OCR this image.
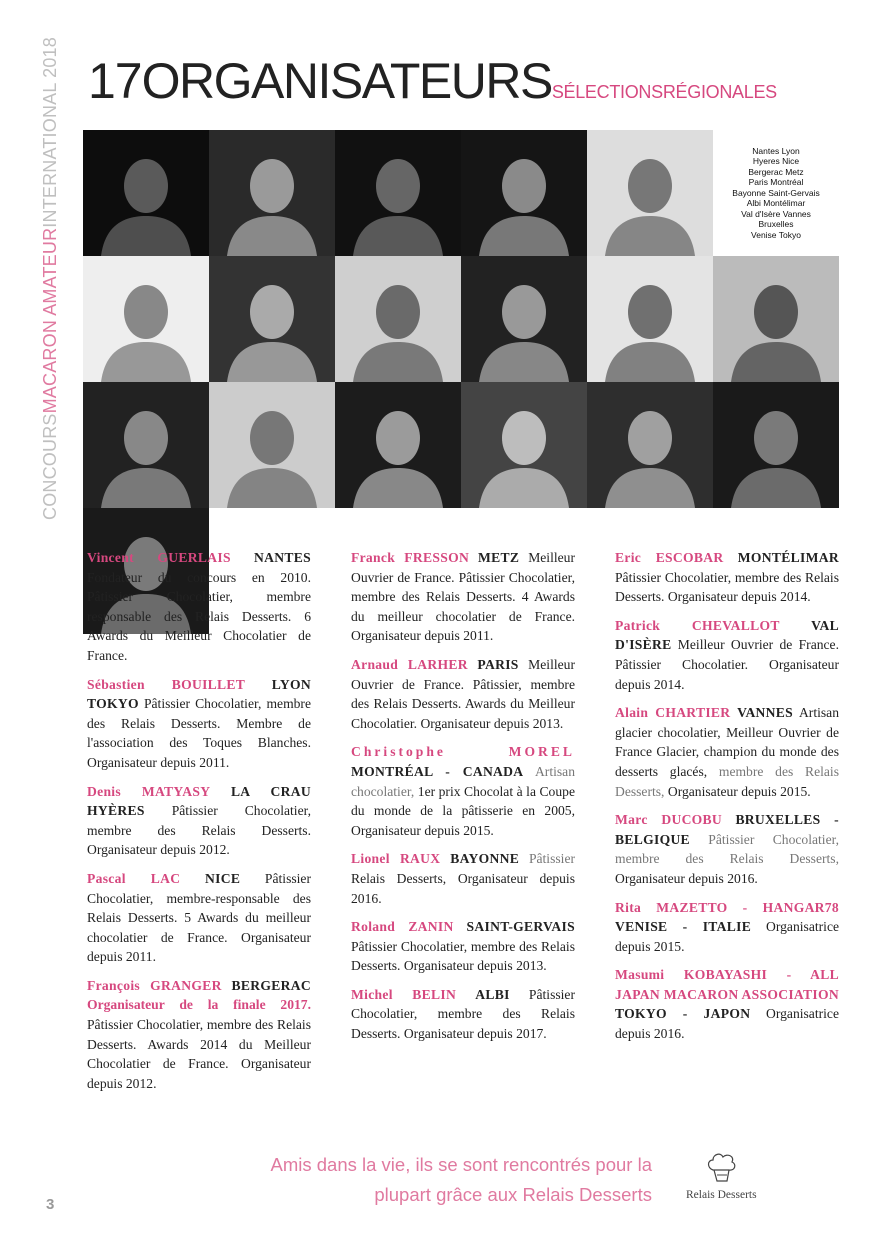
CONCOURSMACARON AMATEURINTERNATIONAL 2018 17ORGANISATEURSSÉLECTIONSRÉGIONALES
Nantes Lyon
Hyeres Nice
Bergerac Metz
Paris Montréal
Bayonne Saint-Gervais
Albi Montélimar
Val d'Isère Vannes
Bruxelles
Venise Tokyo
Vincent GUERLAIS NANTES Fondateur du concours en 2010. Pâtissier Chocolatier, membre responsable des Relais Desserts. 6 Awards du Meilleur Chocolatier de France.
Sébastien BOUILLET LYON TOKYO Pâtissier Chocolatier, membre des Relais Desserts. Membre de l'association des Toques Blanches. Organisateur depuis 2011.
Denis MATYASY LA CRAU HYÈRES Pâtissier Chocolatier, membre des Relais Desserts. Organisateur depuis 2012.
Pascal LAC NICE Pâtissier Chocolatier, membre-responsable des Relais Desserts. 5 Awards du meilleur chocolatier de France. Organisateur depuis 2011.
François GRANGER BERGERAC Organisateur de la finale 2017. Pâtissier Chocolatier, membre des Relais Desserts. Awards 2014 du Meilleur Chocolatier de France. Organisateur depuis 2012.
Franck FRESSON METZ Meilleur Ouvrier de France. Pâtissier Chocolatier, membre des Relais Desserts. 4 Awards du meilleur chocolatier de France. Organisateur depuis 2011.
Arnaud LARHER PARIS Meilleur Ouvrier de France. Pâtissier, membre des Relais Desserts. Awards du Meilleur Chocolatier. Organisateur depuis 2013.
Christophe MOREL MONTRÉAL - CANADA Artisan chocolatier, 1er prix Chocolat à la Coupe du monde de la pâtisserie en 2005, Organisateur depuis 2015.
Lionel RAUX BAYONNE Pâtissier Relais Desserts, Organisateur depuis 2016.
Roland ZANIN SAINT-GERVAIS Pâtissier Chocolatier, membre des Relais Desserts. Organisateur depuis 2013.
Michel BELIN ALBI Pâtissier Chocolatier, membre des Relais Desserts. Organisateur depuis 2017.
Eric ESCOBAR MONTÉLIMAR Pâtissier Chocolatier, membre des Relais Desserts. Organisateur depuis 2014.
Patrick CHEVALLOT VAL D'ISÈRE Meilleur Ouvrier de France. Pâtissier Chocolatier. Organisateur depuis 2014.
Alain CHARTIER VANNES Artisan glacier chocolatier, Meilleur Ouvrier de France Glacier, champion du monde des desserts glacés, membre des Relais Desserts, Organisateur depuis 2015.
Marc DUCOBU BRUXELLES - BELGIQUE Pâtissier Chocolatier, membre des Relais Desserts, Organisateur depuis 2016.
Rita MAZETTO - HANGAR78 VENISE - ITALIE Organisatrice depuis 2015.
Masumi KOBAYASHI - ALL JAPAN MACARON ASSOCIATION TOKYO - JAPON Organisatrice depuis 2016.
Amis dans la vie, ils se sont rencontrés pour la
plupart grâce aux Relais Desserts	Relais Desserts
3
